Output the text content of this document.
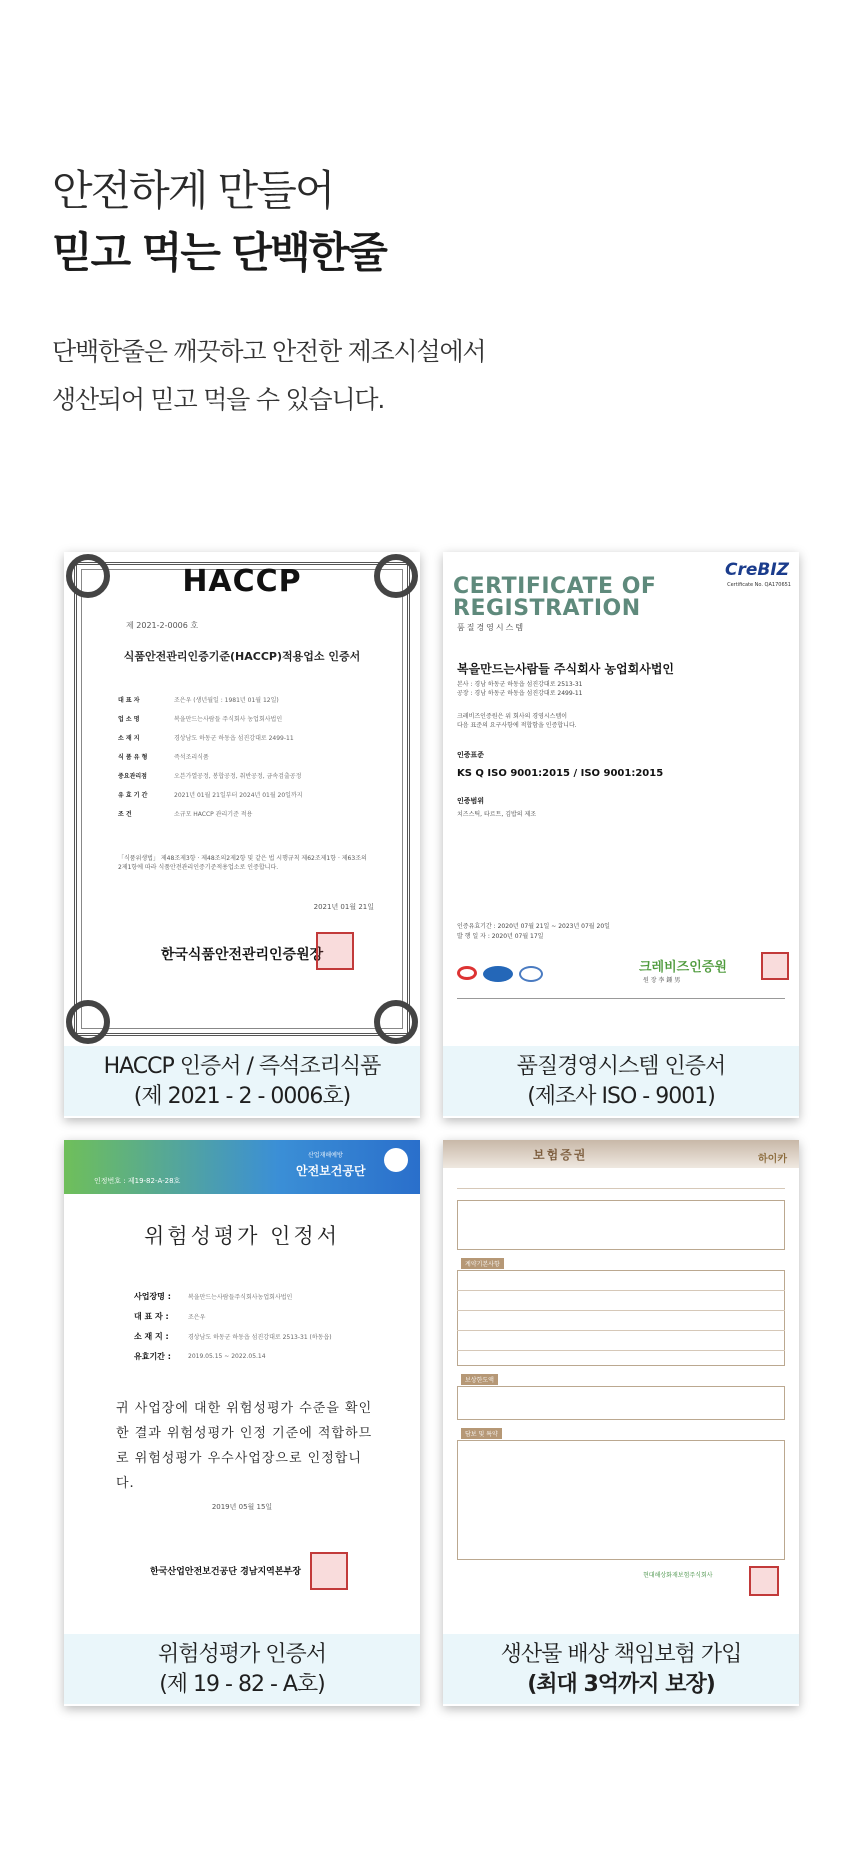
안전하게 만들어
믿고 먹는 단백한줄
단백한줄은 깨끗하고 안전한 제조시설에서
생산되어 믿고 먹을 수 있습니다.
HACCP
제 2021-2-0006 호
식품안전관리인증기준(HACCP)적용업소 인증서
대 표 자	조은우 (생년월일 : 1981년 01월 12일)
업 소 명	복을만드는사람들 주식회사 농업회사법인
소 재 지	경상남도 하동군 하동읍 섬진강대로 2499-11
식 품 유 형	즉석조리식품
중요관리점	오븐가열공정, 봉합공정, 취반공정, 금속검출공정
유 효 기 간	2021년 01월 21일부터 2024년 01월 20일까지
조 건	소규모 HACCP 관리기준 적용
「식품위생법」 제48조제3항 · 제48조의2제2항 및 같은 법 시행규칙 제62조제1항 · 제63조의2제1항에 따라 식품안전관리인증기준적용업소로 인증합니다.
2021년 01월 21일
한국식품안전관리인증원장
HACCP 인증서 / 즉석조리식품
(제 2021 - 2 - 0006호)
CreBIZ
Certificate No. QA170651
CERTIFICATE OF
REGISTRATION
품질경영시스템
복을만드는사람들 주식회사 농업회사법인
본사 : 경남 하동군 하동읍 섬진강대로 2513-31
공장 : 경남 하동군 하동읍 섬진강대로 2499-11
크레비즈인증원은 위 회사의 경영시스템이
다음 표준의 요구사항에 적합함을 인증합니다.
인증표준
KS Q ISO 9001:2015 / ISO 9001:2015
인증범위
치즈스틱, 타르트, 김밥의 제조
인증유효기간 : 2020년 07월 21일 ~ 2023년 07월 20일
발 행 일 자 : 2020년 07월 17일
크레비즈인증원
원 장 李 鍾 男
품질경영시스템 인증서
(제조사 ISO - 9001)
인정번호 : 제19-82-A-28호
산업재해예방
안전보건공단
위험성평가 인정서
사업장명 :	복을만드는사람들주식회사농업회사법인
대 표 자 :	조은우
소 재 지 :	경상남도 하동군 하동읍 섬진강대로 2513-31 (하동읍)
유효기간 :	2019.05.15 ~ 2022.05.14
귀 사업장에 대한 위험성평가 수준을 확인한 결과 위험성평가 인정 기준에 적합하므로 위험성평가 우수사업장으로 인정합니다.
2019년 05월 15일
한국산업안전보건공단 경남지역본부장
위험성평가 인증서
(제 19 - 82 - A호)
보험증권	하이카
계약기본사항
보상한도액
담보 및 특약
현대해상화재보험주식회사
생산물 배상 책임보험 가입
(최대 3억까지 보장)
